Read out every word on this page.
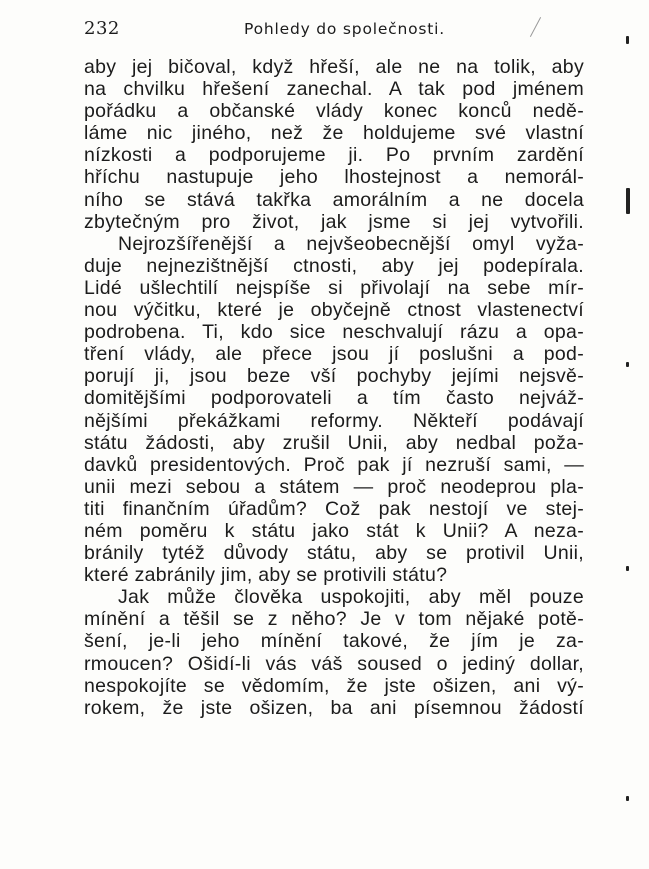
232	Pohledy do společnosti.
aby jej bičoval, když hřeší, ale ne na tolik, aby
na chvilku hřešení zanechal. A tak pod jménem
pořádku a občanské vlády konec konců nedě-
láme nic jiného, než že holdujeme své vlastní
nízkosti a podporujeme ji. Po prvním zardění
hříchu nastupuje jeho lhostejnost a nemorál-
ního se stává takřka amorálním a ne docela
zbytečným pro život, jak jsme si jej vytvořili.
Nejrozšířenější a nejvšeobecnější omyl vyža-
duje nejnezištnější ctnosti, aby jej podepírala.
Lidé ušlechtilí nejspíše si přivolají na sebe mír-
nou výčitku, které je obyčejně ctnost vlastenectví
podrobena. Ti, kdo sice neschvalují rázu a opa-
tření vlády, ale přece jsou jí poslušni a pod-
porují ji, jsou beze vší pochyby jejími nejsvě-
domitějšími podporovateli a tím často nejváž-
nějšími překážkami reformy. Někteří podávají
státu žádosti, aby zrušil Unii, aby nedbal poža-
davků presidentových. Proč pak jí nezruší sami, —
unii mezi sebou a státem — proč neodeprou pla-
titi finančním úřadům? Což pak nestojí ve stej-
ném poměru k státu jako stát k Unii? A neza-
bránily tytéž důvody státu, aby se protivil Unii,
které zabránily jim, aby se protivili státu?
Jak může člověka uspokojiti, aby měl pouze
mínění a těšil se z něho? Je v tom nějaké potě-
šení, je-li jeho mínění takové, že jím je za-
rmoucen? Ošidí-li vás váš soused o jediný dollar,
nespokojíte se vědomím, že jste ošizen, ani vý-
rokem, že jste ošizen, ba ani písemnou žádostí
